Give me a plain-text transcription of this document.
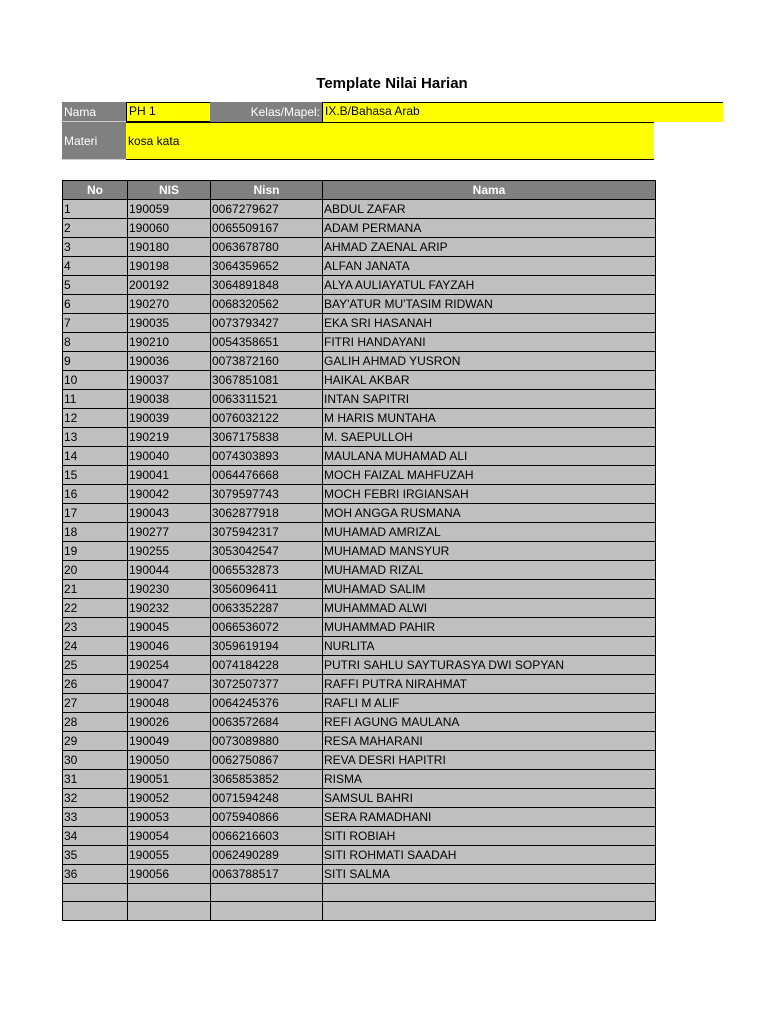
Template Nilai Harian
Nama	PH 1	Kelas/Mapel: IX.B/Bahasa Arab
Materi	kosa kata
No	NIS	Nisn	Nama
1	190059	0067279627	ABDUL ZAFAR
2	190060	0065509167	ADAM PERMANA
3	190180	0063678780	AHMAD ZAENAL ARIP
4	190198	3064359652	ALFAN JANATA
5	200192	3064891848	ALYA AULIAYATUL FAYZAH
6	190270	0068320562	BAY'ATUR MU'TASIM RIDWAN
7	190035	0073793427	EKA SRI HASANAH
8	190210	0054358651	FITRI HANDAYANI
9	190036	0073872160	GALIH AHMAD YUSRON
10	190037	3067851081	HAIKAL AKBAR
11	190038	0063311521	INTAN SAPITRI
12	190039	0076032122	M HARIS MUNTAHA
13	190219	3067175838	M. SAEPULLOH
14	190040	0074303893	MAULANA MUHAMAD ALI
15	190041	0064476668	MOCH FAIZAL MAHFUZAH
16	190042	3079597743	MOCH FEBRI IRGIANSAH
17	190043	3062877918	MOH ANGGA RUSMANA
18	190277	3075942317	MUHAMAD AMRIZAL
19	190255	3053042547	MUHAMAD MANSYUR
20	190044	0065532873	MUHAMAD RIZAL
21	190230	3056096411	MUHAMAD SALIM
22	190232	0063352287	MUHAMMAD ALWI
23	190045	0066536072	MUHAMMAD PAHIR
24	190046	3059619194	NURLITA
25	190254	0074184228	PUTRI SAHLU SAYTURASYA DWI SOPYAN
26	190047	3072507377	RAFFI PUTRA NIRAHMAT
27	190048	0064245376	RAFLI M ALIF
28	190026	0063572684	REFI AGUNG MAULANA
29	190049	0073089880	RESA MAHARANI
30	190050	0062750867	REVA DESRI HAPITRI
31	190051	3065853852	RISMA
32	190052	0071594248	SAMSUL BAHRI
33	190053	0075940866	SERA RAMADHANI
34	190054	0066216603	SITI ROBIAH
35	190055	0062490289	SITI ROHMATI SAADAH
36	190056	0063788517	SITI SALMA
